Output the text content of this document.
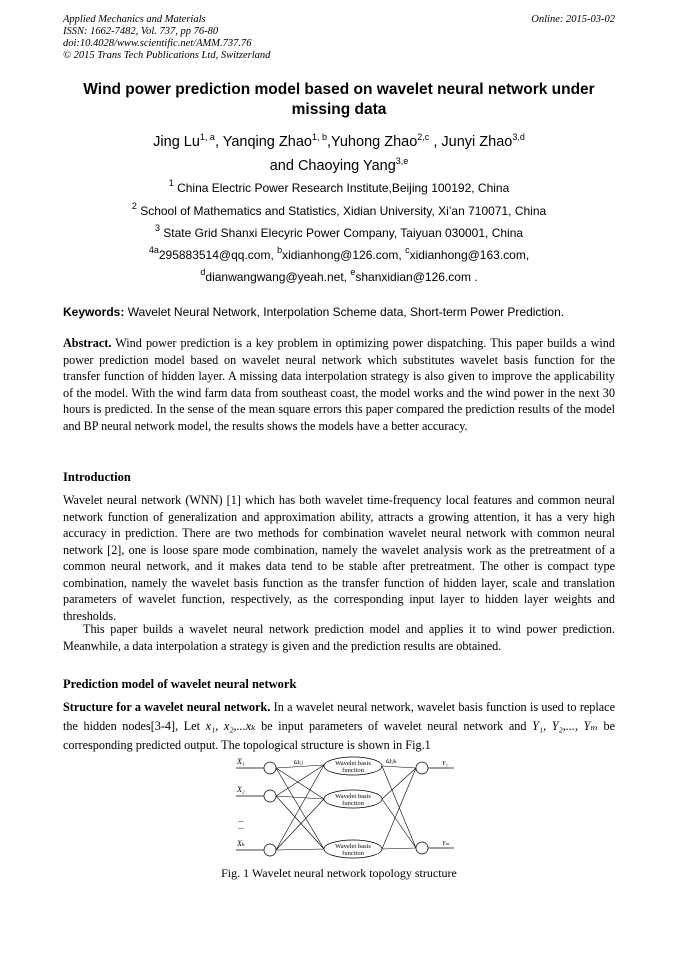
Applied Mechanics and Materials
ISSN: 1662-7482, Vol. 737, pp 76-80
doi:10.4028/www.scientific.net/AMM.737.76
© 2015 Trans Tech Publications Ltd, Switzerland
Online: 2015-03-02
Wind power prediction model based on wavelet neural network under
missing data
Jing Lu$^{1, a}$, Yanqing Zhao$^{1, b}$,Yuhong Zhao$^{2,c}$ , Junyi Zhao$^{3,d}$
and Chaoying Yang$^{3,e}$
$^1$ China Electric Power Research Institute,Beijing 100192, China
$^2$ School of Mathematics and Statistics, Xidian University, Xi’an 710071, China
$^3$ State Grid Shanxi Elecyric Power Company, Taiyuan 030001, China
$^{4a}$295883514@qq.com, $^b$xidianhong@126.com, $^c$xidianhong@163.com,
$^d$dianwangwang@yeah.net, $^e$shanxidian@126.com .
Keywords: Wavelet Neural Network, Interpolation Scheme data, Short-term Power Prediction.
Abstract. Wind power prediction is a key problem in optimizing power dispatching. This paper builds a wind power prediction model based on wavelet neural network which substitutes wavelet basis function for the transfer function of hidden layer. A missing data interpolation strategy is also given to improve the applicability of the model. With the wind farm data from southeast coast, the model works and the wind power in the next 30 hours is predicted. In the sense of the mean square errors this paper compared the prediction results of the model and BP neural network model, the results shows the models have a better accuracy.
Introduction
Wavelet neural network (WNN) [1] which has both wavelet time-frequency local features and common neural network function of generalization and approximation ability, attracts a growing attention, it has a very high accuracy in prediction. There are two methods for combination wavelet neural network with common neural network [2], one is loose spare mode combination, namely the wavelet analysis work as the pretreatment of a common neural network, and it makes data tend to be stable after pretreatment. The other is compact type combination, namely the wavelet basis function as the transfer function of hidden layer, scale and translation parameters of wavelet function, respectively, as the corresponding input layer to hidden layer weights and thresholds.
This paper builds a wavelet neural network prediction model and applies it to wind power prediction. Meanwhile, a data interpolation a strategy is given and the prediction results are obtained.
Prediction model of wavelet neural network
Structure for a wavelet neural network. In a wavelet neural network, wavelet basis function is used to replace the hidden nodes[3-4], Let x₁, x₂,...xₖ be input parameters of wavelet neural network and Y₁, Y₂,..., Yₘ be corresponding predicted output. The topological structure is shown in Fig.1
X₁
X₂
...
...
Xₖ
ωᵢⱼ	ωⱼₖ
Wavelet basis
function
Wavelet basis
function
Wavelet basis
function
Y₁
Yₘ
Fig. 1 Wavelet neural network topology structure
